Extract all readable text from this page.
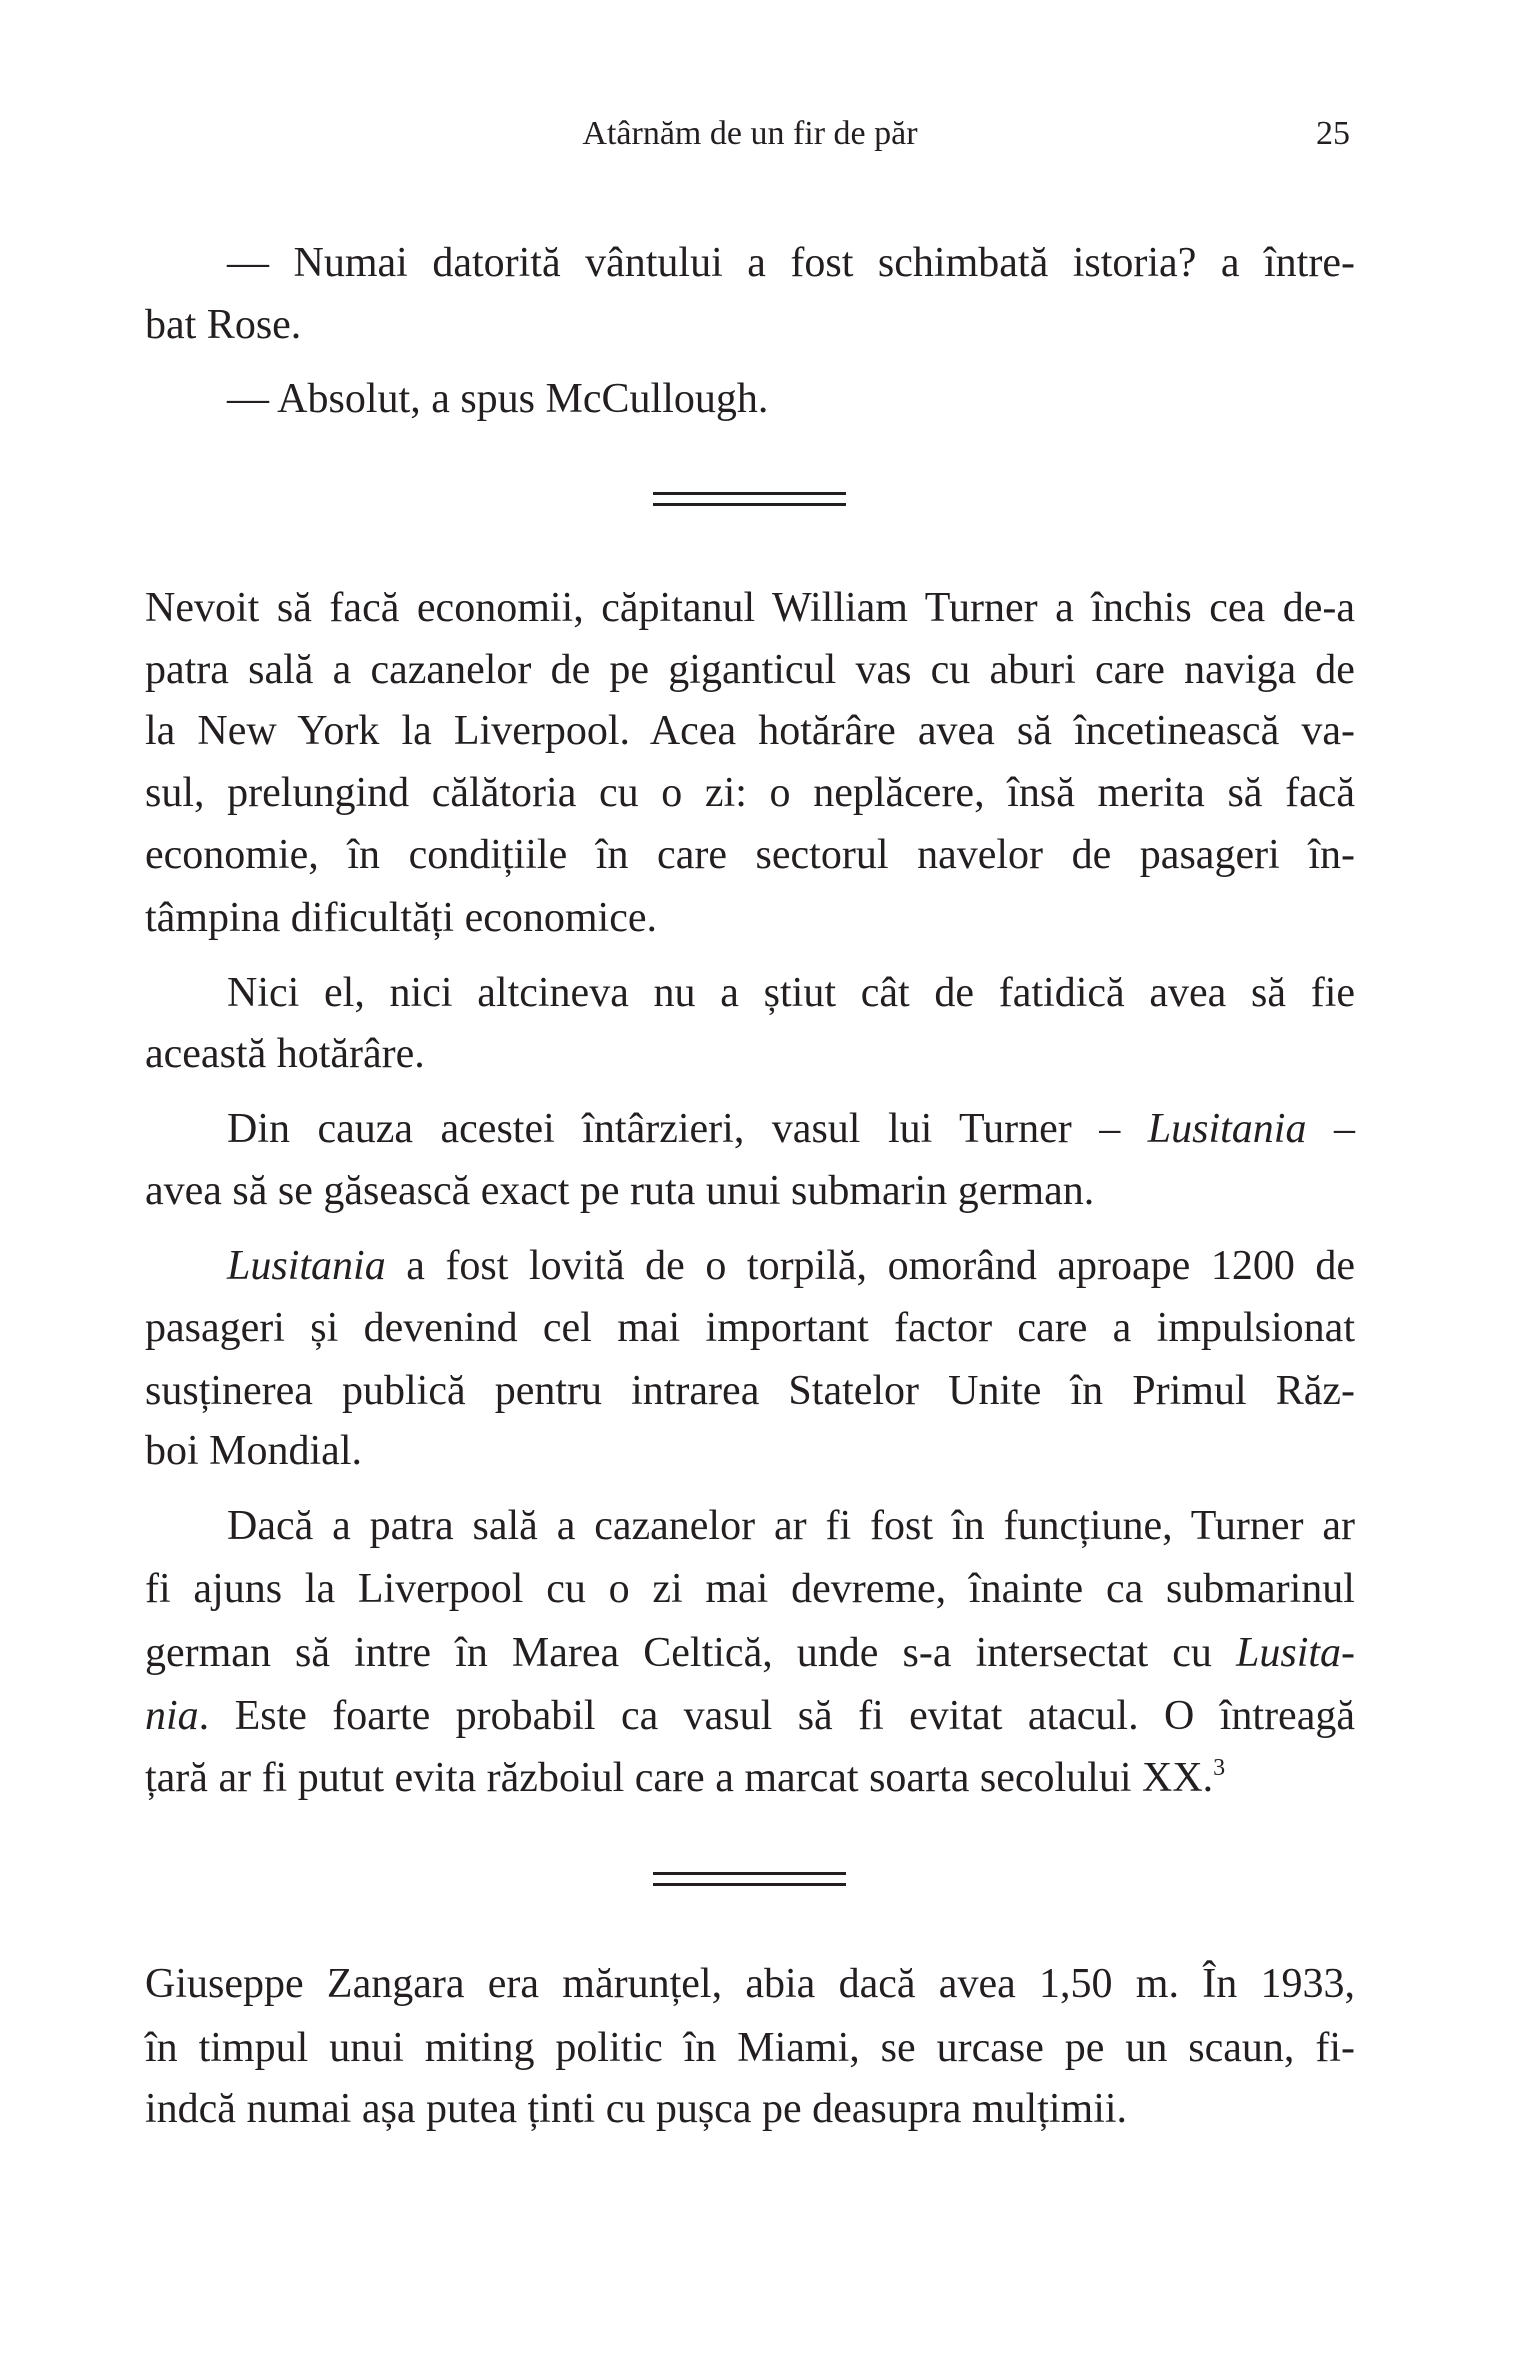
Atârnăm de un fir de păr	25
— Numai datorită vântului a fost schimbată istoria? a între-
bat Rose.
— Absolut, a spus McCullough.
Nevoit să facă economii, căpitanul William Turner a închis cea de-a
patra sală a cazanelor de pe giganticul vas cu aburi care naviga de
la New York la Liverpool. Acea hotărâre avea să încetinească va-
sul, prelungind călătoria cu o zi: o neplăcere, însă merita să facă
economie, în condițiile în care sectorul navelor de pasageri în-
tâmpina dificultăți economice.
Nici el, nici altcineva nu a știut cât de fatidică avea să fie
această hotărâre.
Din cauza acestei întârzieri, vasul lui Turner – Lusitania –
avea să se găsească exact pe ruta unui submarin german.
Lusitania a fost lovită de o torpilă, omorând aproape 1200 de
pasageri și devenind cel mai important factor care a impulsionat
susținerea publică pentru intrarea Statelor Unite în Primul Răz-
boi Mondial.
Dacă a patra sală a cazanelor ar fi fost în funcțiune, Turner ar
fi ajuns la Liverpool cu o zi mai devreme, înainte ca submarinul
german să intre în Marea Celtică, unde s-a intersectat cu Lusita-
nia. Este foarte probabil ca vasul să fi evitat atacul. O întreagă
țară ar fi putut evita războiul care a marcat soarta secolului XX.$^3$
Giuseppe Zangara era mărunțel, abia dacă avea 1,50 m. În 1933,
în timpul unui miting politic în Miami, se urcase pe un scaun, fi-
indcă numai așa putea ținti cu pușca pe deasupra mulțimii.
